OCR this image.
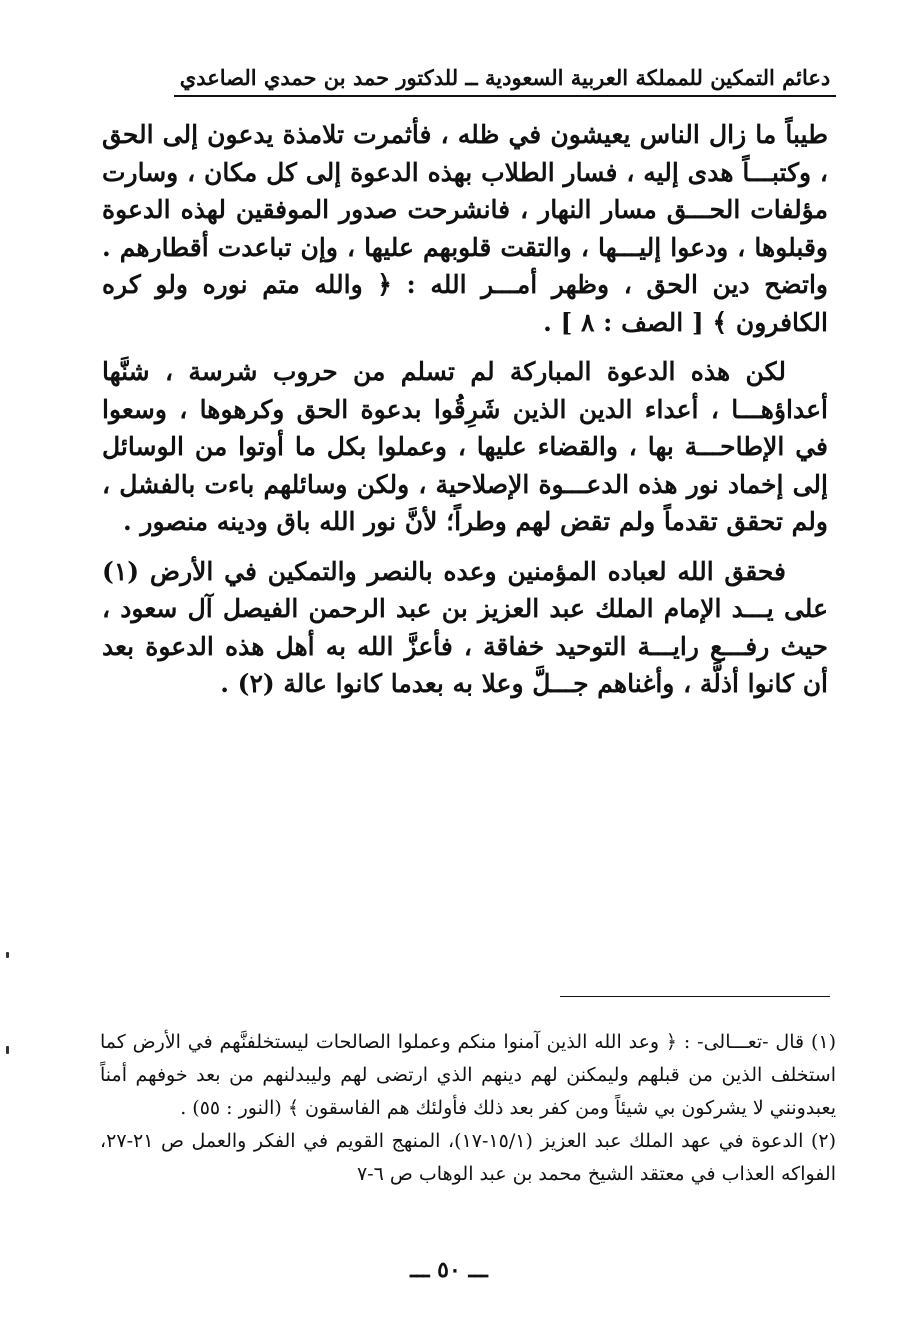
دعائم التمكين للمملكة العربية السعودية ــ للدكتور حمد بن حمدي الصاعدي

طيباً ما زال الناس يعيشون في ظله ، فأثمرت تلامذة يدعون إلى الحق ، وكتبـــاً هدى إليه ، فسار الطلاب بهذه الدعوة إلى كل مكان ، وسارت مؤلفات الحـــق مسار النهار ، فانشرحت صدور الموفقين لهذه الدعوة وقبلوها ، ودعوا إليـــها ، والتقت قلوبهم عليها ، وإن تباعدت أقطارهم . واتضح دين الحق ، وظهر أمـــر الله : ﴿ والله متم نوره ولو كره الكافرون ﴾ [ الصف : ٨ ] .

لكن هذه الدعوة المباركة لم تسلم من حروب شرسة ، شنَّها أعداؤهـــا ، أعداء الدين الذين شَرِقُوا بدعوة الحق وكرهوها ، وسعوا في الإطاحـــة بها ، والقضاء عليها ، وعملوا بكل ما أوتوا من الوسائل إلى إخماد نور هذه الدعـــوة الإصلاحية ، ولكن وسائلهم باءت بالفشل ، ولم تحقق تقدماً ولم تقض لهم وطراً؛ لأنَّ نور الله باق ودينه منصور .

فحقق الله لعباده المؤمنين وعده بالنصر والتمكين في الأرض (١) على يـــد الإمام الملك عبد العزيز بن عبد الرحمن الفيصل آل سعود ، حيث رفـــع رايـــة التوحيد خفاقة ، فأعزَّ الله به أهل هذه الدعوة بعد أن كانوا أذلَّة ، وأغناهم جـــلَّ وعلا به بعدما كانوا عالة (٢) .

(١) قال -تعـــالى- : ﴿ وعد الله الذين آمنوا منكم وعملوا الصالحات ليستخلفنَّهم في الأرض كما استخلف الذين من قبلهم وليمكنن لهم دينهم الذي ارتضى لهم وليبدلنهم من بعد خوفهم أمناً يعبدونني لا يشركون بي شيئاً ومن كفر بعد ذلك فأولئك هم الفاسقون ﴾ (النور : ٥٥) .

(٢) الدعوة في عهد الملك عبد العزيز (١٥/١-١٧)، المنهج القويم في الفكر والعمل ص ٢١-٢٧، الفواكه العذاب في معتقد الشيخ محمد بن عبد الوهاب ص ٦-٧

ـــ ٥٠ ـــ
